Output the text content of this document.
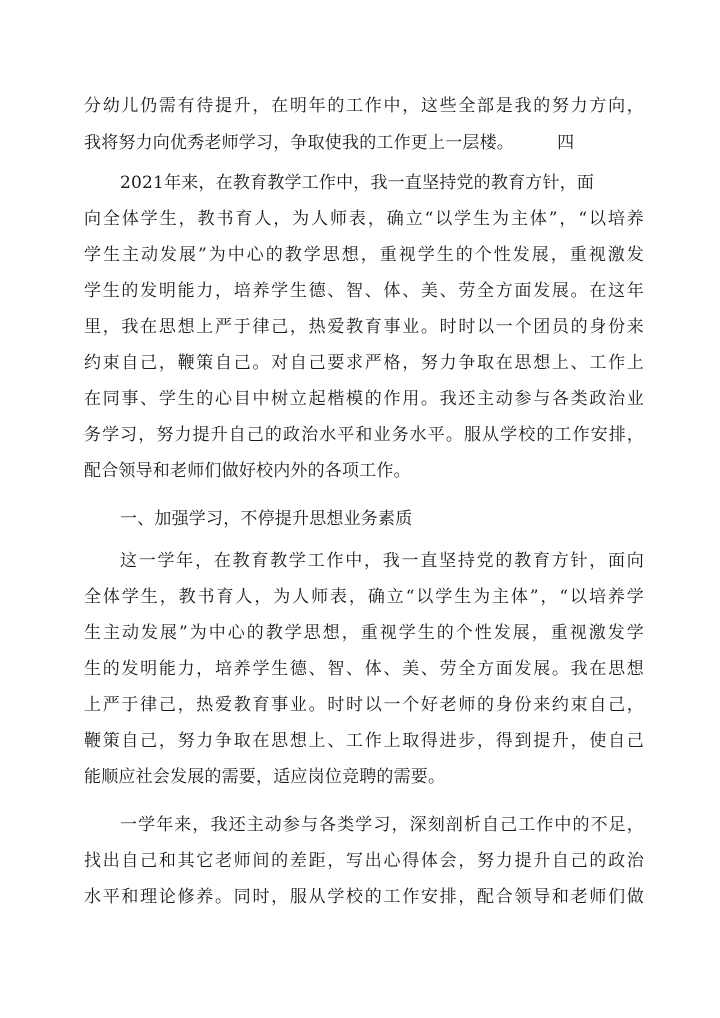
分幼儿仍需有待提升，在明年的工作中，这些全部是我的努力方向，
我将努力向优秀老师学习，争取使我的工作更上一层楼。　　　四
2021年来，在教育教学工作中，我一直坚持党的教育方针，面
向全体学生，教书育人，为人师表，确立“以学生为主体”，“以培养
学生主动发展”为中心的教学思想，重视学生的个性发展，重视激发
学生的发明能力，培养学生德、智、体、美、劳全方面发展。在这年
里，我在思想上严于律己，热爱教育事业。时时以一个团员的身份来
约束自己，鞭策自己。对自己要求严格，努力争取在思想上、工作上
在同事、学生的心目中树立起楷模的作用。我还主动参与各类政治业
务学习，努力提升自己的政治水平和业务水平。服从学校的工作安排，
配合领导和老师们做好校内外的各项工作。
一、加强学习，不停提升思想业务素质
这一学年，在教育教学工作中，我一直坚持党的教育方针，面向
全体学生，教书育人，为人师表，确立“以学生为主体”，“以培养学
生主动发展”为中心的教学思想，重视学生的个性发展，重视激发学
生的发明能力，培养学生德、智、体、美、劳全方面发展。我在思想
上严于律己，热爱教育事业。时时以一个好老师的身份来约束自己，
鞭策自己，努力争取在思想上、工作上取得进步，得到提升，使自己
能顺应社会发展的需要，适应岗位竞聘的需要。
一学年来，我还主动参与各类学习，深刻剖析自己工作中的不足，
找出自己和其它老师间的差距，写出心得体会，努力提升自己的政治
水平和理论修养。同时，服从学校的工作安排，配合领导和老师们做
